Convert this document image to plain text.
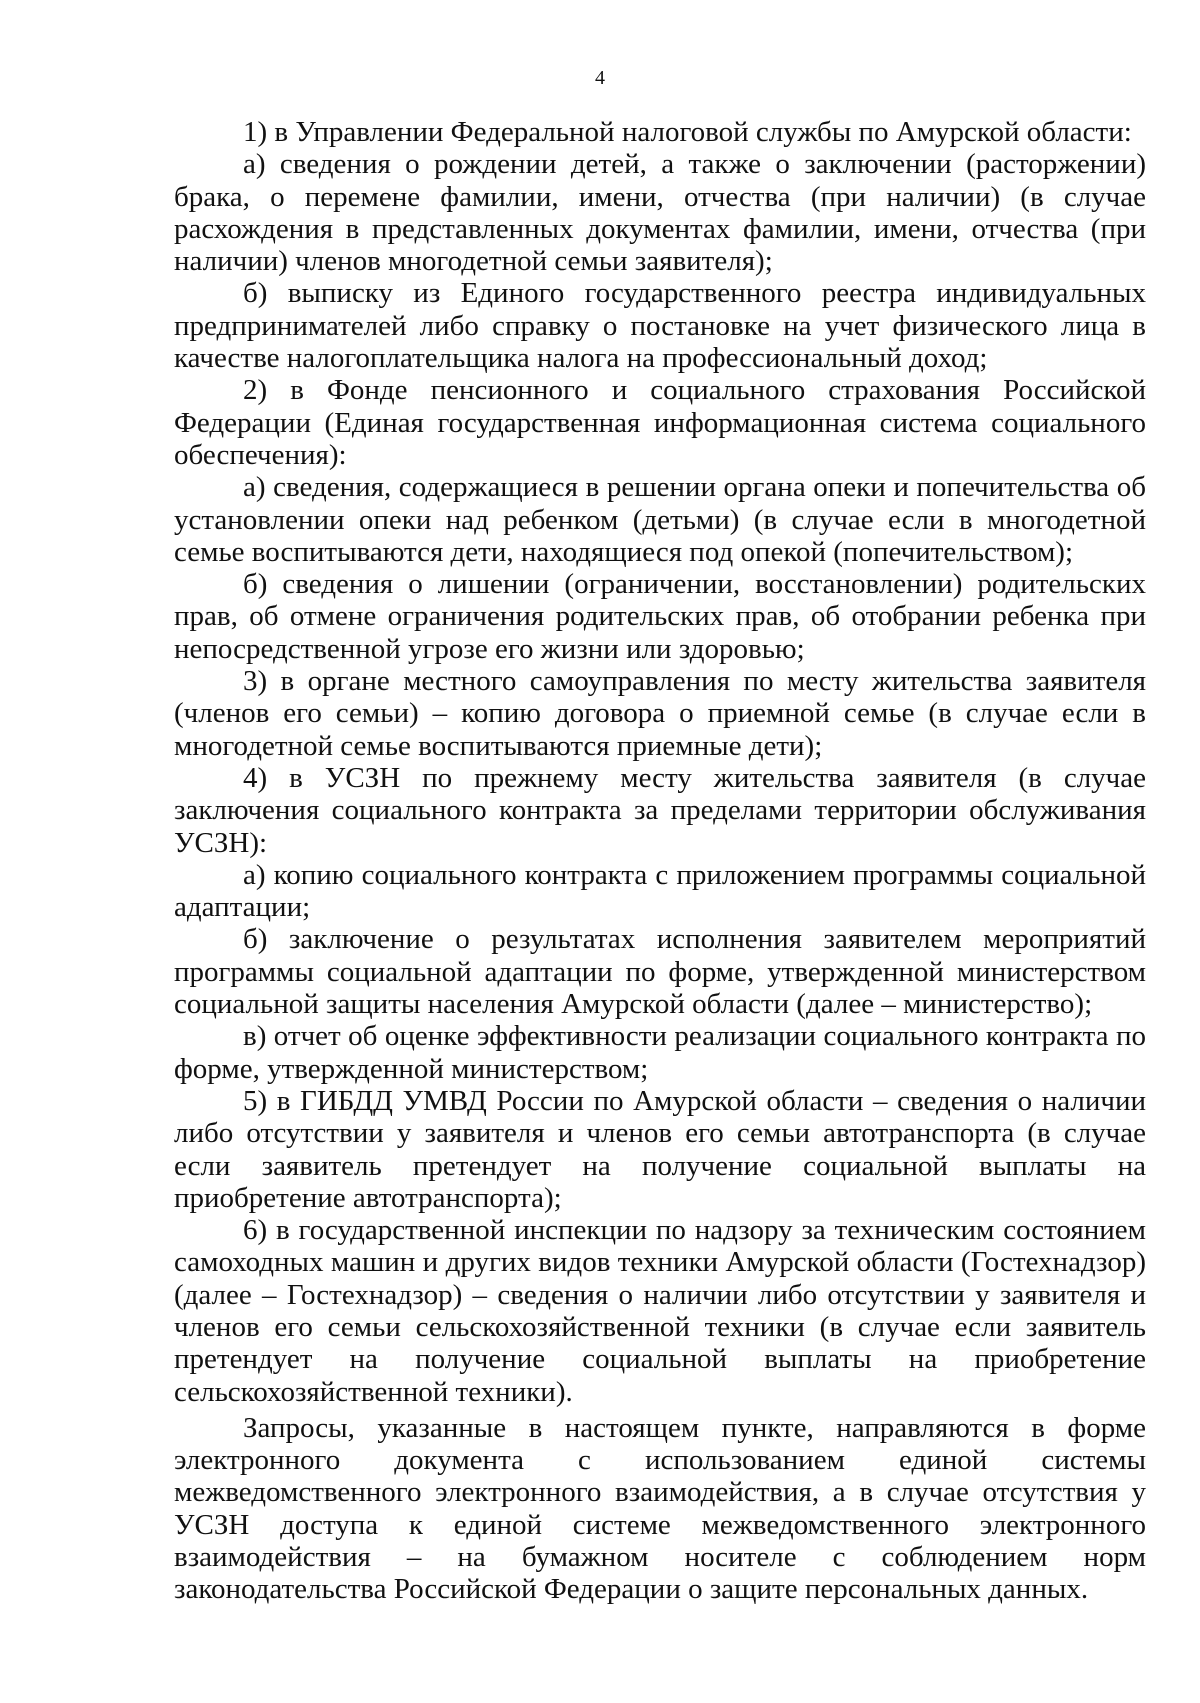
4

1) в Управлении Федеральной налоговой службы по Амурской области:

а) сведения о рождении детей, а также о заключении (расторжении) брака, о перемене фамилии, имени, отчества (при наличии) (в случае расхождения в представленных документах фамилии, имени, отчества (при наличии) членов многодетной семьи заявителя);

б) выписку из Единого государственного реестра индивидуальных предпринимателей либо справку о постановке на учет физического лица в качестве налогоплательщика налога на профессиональный доход;

2) в Фонде пенсионного и социального страхования Российской Федерации (Единая государственная информационная система социального обеспечения):

а) сведения, содержащиеся в решении органа опеки и попечительства об установлении опеки над ребенком (детьми) (в случае если в многодетной семье воспитываются дети, находящиеся под опекой (попечительством);

б) сведения о лишении (ограничении, восстановлении) родительских прав, об отмене ограничения родительских прав, об отобрании ребенка при непосредственной угрозе его жизни или здоровью;

3) в органе местного самоуправления по месту жительства заявителя (членов его семьи) – копию договора о приемной семье (в случае если в многодетной семье воспитываются приемные дети);

4) в УСЗН по прежнему месту жительства заявителя (в случае заключения социального контракта за пределами территории обслуживания УСЗН):

а) копию социального контракта с приложением программы социальной адаптации;

б) заключение о результатах исполнения заявителем мероприятий программы социальной адаптации по форме, утвержденной министерством социальной защиты населения Амурской области (далее – министерство);

в) отчет об оценке эффективности реализации социального контракта по форме, утвержденной министерством;

5) в ГИБДД УМВД России по Амурской области – сведения о наличии либо отсутствии у заявителя и членов его семьи автотранспорта (в случае если заявитель претендует на получение социальной выплаты на приобретение автотранспорта);

6) в государственной инспекции по надзору за техническим состоянием самоходных машин и других видов техники Амурской области (Гостехнадзор) (далее – Гостехнадзор) – сведения о наличии либо отсутствии у заявителя и членов его семьи сельскохозяйственной техники (в случае если заявитель претендует на получение социальной выплаты на приобретение сельскохозяйственной техники).

Запросы, указанные в настоящем пункте, направляются в форме электронного документа с использованием единой системы межведомственного электронного взаимодействия, а в случае отсутствия у УСЗН доступа к единой системе межведомственного электронного взаимодействия – на бумажном носителе с соблюдением норм законодательства Российской Федерации о защите персональных данных.
